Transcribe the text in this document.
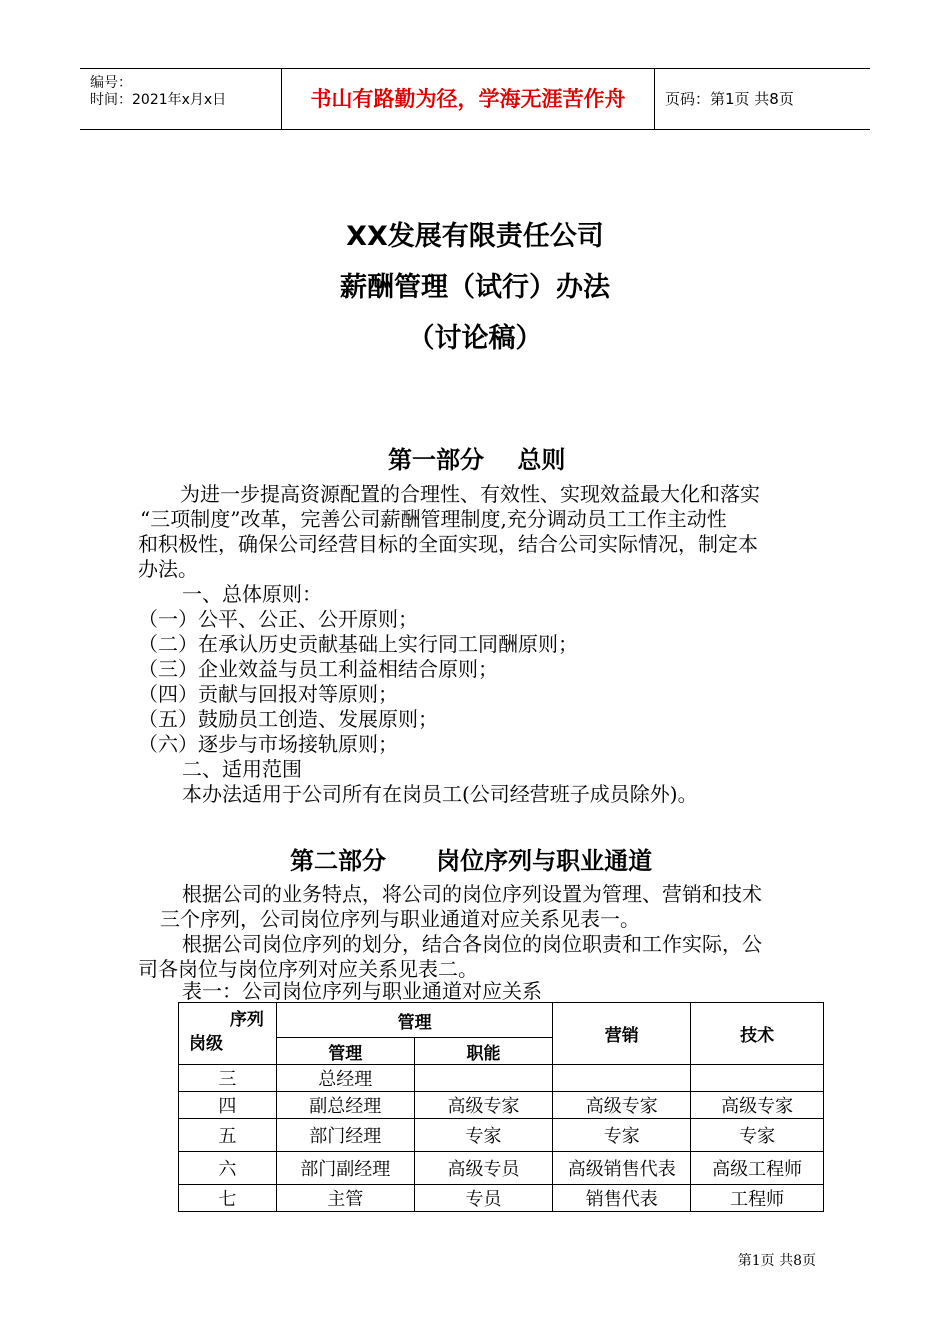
编号：
时间：2021年x月x日	书山有路勤为径，学海无涯苦作舟	页码：第1页 共8页
XX发展有限责任公司
薪酬管理（试行）办法
（讨论稿）
第一部分    总则
为进一步提高资源配置的合理性、有效性、实现效益最大化和落实
“三项制度”改革，完善公司薪酬管理制度,充分调动员工工作主动性
和积极性，确保公司经营目标的全面实现，结合公司实际情况，制定本
办法。
一、总体原则：
（一）公平、公正、公开原则；
（二）在承认历史贡献基础上实行同工同酬原则；
（三）企业效益与员工利益相结合原则；
（四）贡献与回报对等原则；
（五）鼓励员工创造、发展原则；
（六）逐步与市场接轨原则；
二、适用范围
本办法适用于公司所有在岗员工(公司经营班子成员除外)。
第二部分      岗位序列与职业通道
根据公司的业务特点，将公司的岗位序列设置为管理、营销和技术
三个序列，公司岗位序列与职业通道对应关系见表一。
根据公司岗位序列的划分，结合各岗位的岗位职责和工作实际，公
司各岗位与岗位序列对应关系见表二。
表一：公司岗位序列与职业通道对应关系
序列
岗级	管理		营销	技术
	管理	职能		
三	总经理			
四	副总经理	高级专家	高级专家	高级专家
五	部门经理	专家	专家	专家
六	部门副经理	高级专员	高级销售代表	高级工程师
七	主管	专员	销售代表	工程师
第1页 共8页
